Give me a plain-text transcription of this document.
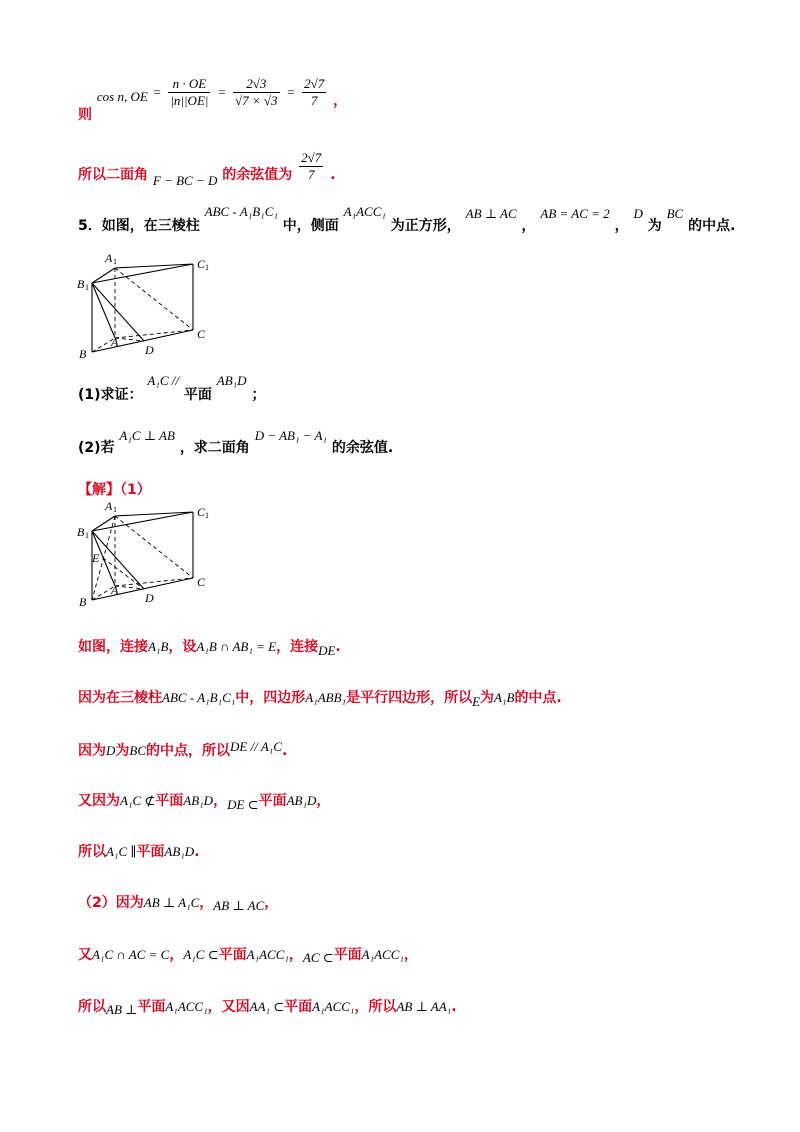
则 cos n, OE = $\frac{n \cdot OE}{|n||OE|} = \frac{2√3}{√7 \times √3} = \frac{2√7}{7}$ ，
所以二面角 F − BC − D 的余弦值为 $\frac{2√7}{7}$ .
5．如图，在三棱柱 ABC - A₁B₁C₁ 中，侧面 A₁ACC₁ 为正方形， AB ⊥ AC ， AB = AC = 2 ， D 为 BC 的中点.
A 1
B 1
C 1
A
B
C
D
(1)求证： A₁C // 平面 AB₁D ；
(2)若 A₁C ⊥ AB ，求二面角 D − AB₁ − A₁ 的余弦值.
【解】（1）
A 1
B 1
C 1
E
A
B
C
D
如图，连接A₁B，设A₁B ∩ AB₁ = E，连接DE.
因为在三棱柱ABC - A₁B₁C₁中，四边形A₁ABB₁是平行四边形，所以E为A₁B的中点.
因为D为BC的中点，所以DE // A₁C.
又因为A₁C ⊄平面AB₁D，DE ⊂平面AB₁D，
所以A₁C ∥平面AB₁D.
（2）因为AB ⊥ A₁C，AB ⊥ AC，
又A₁C ∩ AC = C，A₁C ⊂平面A₁ACC₁，AC ⊂平面A₁ACC₁，
所以AB ⊥平面A₁ACC₁，又因AA₁ ⊂平面A₁ACC₁，所以AB ⊥ AA₁.
